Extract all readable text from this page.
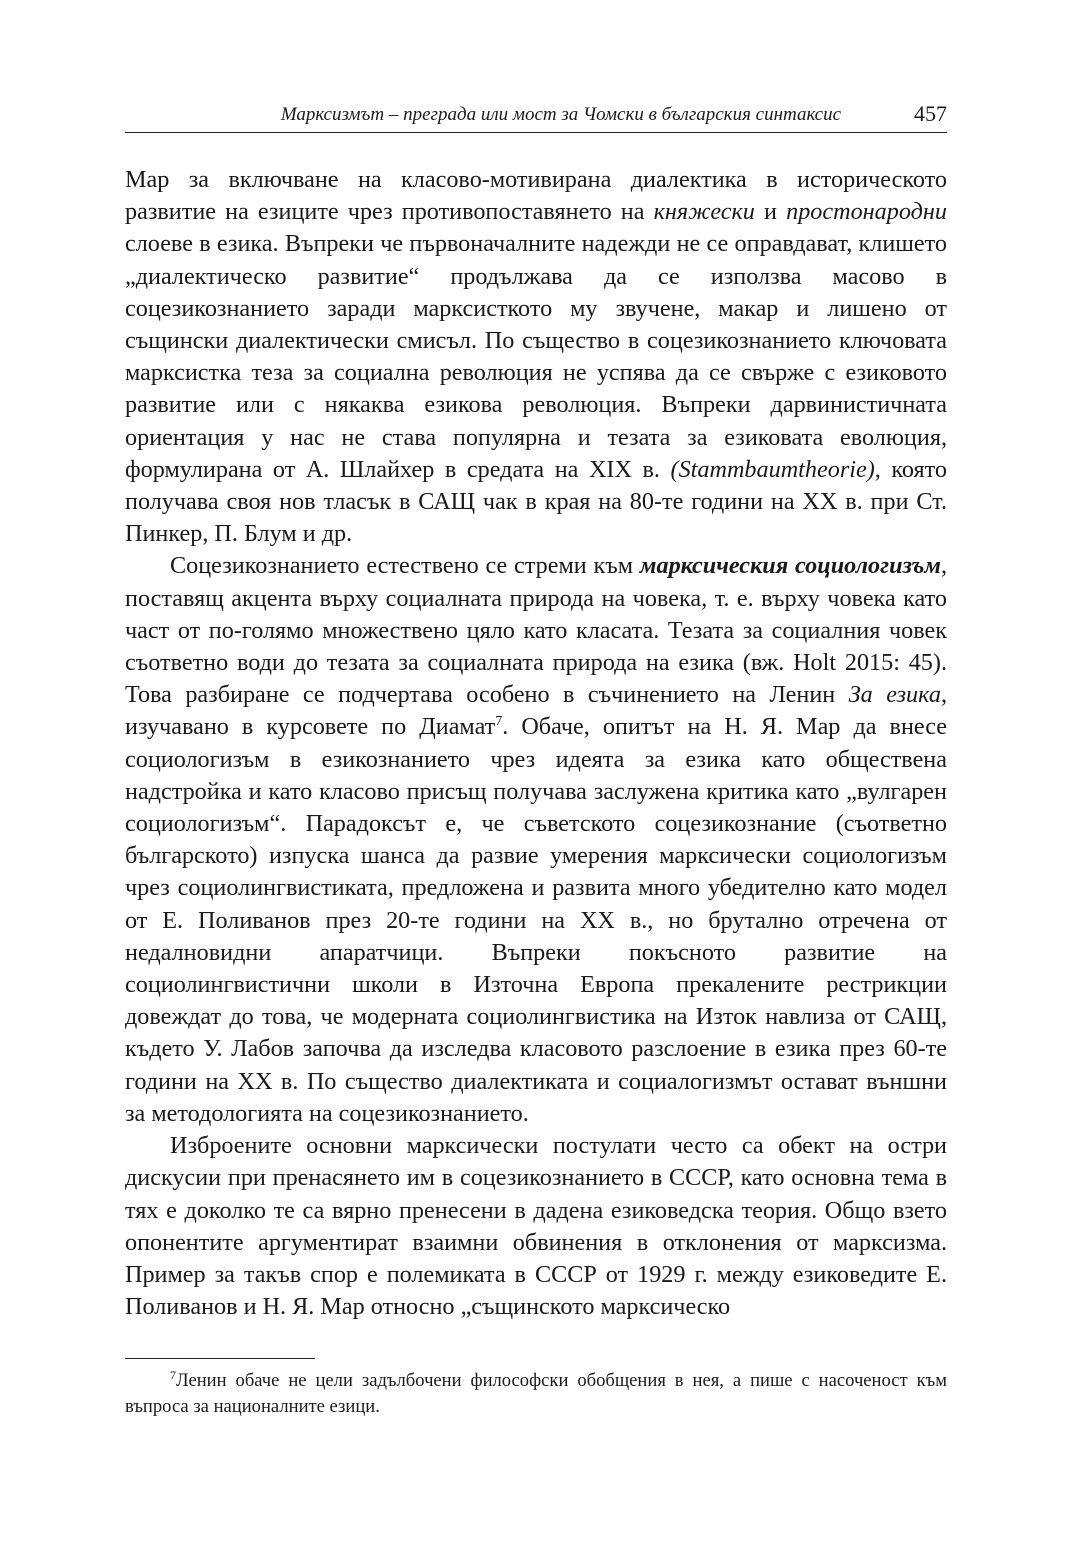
Марксизмът – преграда или мост за Чомски в българския синтаксис	457

Мар за включване на класово-мотивирана диалектика в историческото развитие на езиците чрез противопоставянето на княжески и простонародни слоеве в езика. Въпреки че първоначалните надежди не се оправдават, клишето „диалектическо развитие“ продължава да се използва масово в соцезикознанието заради марксисткото му звучене, макар и лишено от същински диалектически смисъл. По същество в соцезикознанието ключовата марксистка теза за социална революция не успява да се свърже с езиковото развитие или с някаква езикова революция. Въпреки дарвинистичната ориентация у нас не става популярна и тезата за езиковата еволюция, формулирана от А. Шлайхер в средата на XIX в. (Stammbaumtheorie), която получава своя нов тласък в САЩ чак в края на 80-те години на XX в. при Ст. Пинкер, П. Блум и др.

Соцезикознанието естествено се стреми към марксическия социологизъм, поставящ акцента върху социалната природа на човека, т. е. върху човека като част от по-голямо множествено цяло като класата. Тезата за социалния човек съответно води до тезата за социалната природа на езика (вж. Holt 2015: 45). Това разбиране се подчертава особено в съчинението на Ленин За езика, изучавано в курсовете по Диамат$^7$. Обаче, опитът на Н. Я. Мар да внесе социологизъм в езикознанието чрез идеята за езика като обществена надстройка и като класово присъщ получава заслужена критика като „вулгарен социологизъм“. Парадоксът е, че съветското соцезикознание (съответно българското) изпуска шанса да развие умерения марксически социологизъм чрез социолингвистиката, предложена и развита много убедително като модел от Е. Поливанов през 20-те години на XX в., но брутално отречена от недалновидни апаратчици. Въпреки покъсното развитие на социолингвистични школи в Източна Европа прекалените рестрикции довеждат до това, че модерната социолингвистика на Изток навлиза от САЩ, където У. Лабов започва да изследва класовото разслоение в езика през 60-те години на XX в. По същество диалектиката и социалогизмът остават външни за методологията на соцезикознанието.

Изброените основни марксически постулати често са обект на остри дискусии при пренасянето им в соцезикознанието в СССР, като основна тема в тях е доколко те са вярно пренесени в дадена езиковедска теория. Общо взето опонентите аргументират взаимни обвинения в отклонения от марксизма. Пример за такъв спор е полемиката в СССР от 1929 г. между езиковедите Е. Поливанов и Н. Я. Мар относно „същинското марксическо

$^7$Ленин обаче не цели задълбочени философски обобщения в нея, а пише с насоченост към въпроса за националните езици.
